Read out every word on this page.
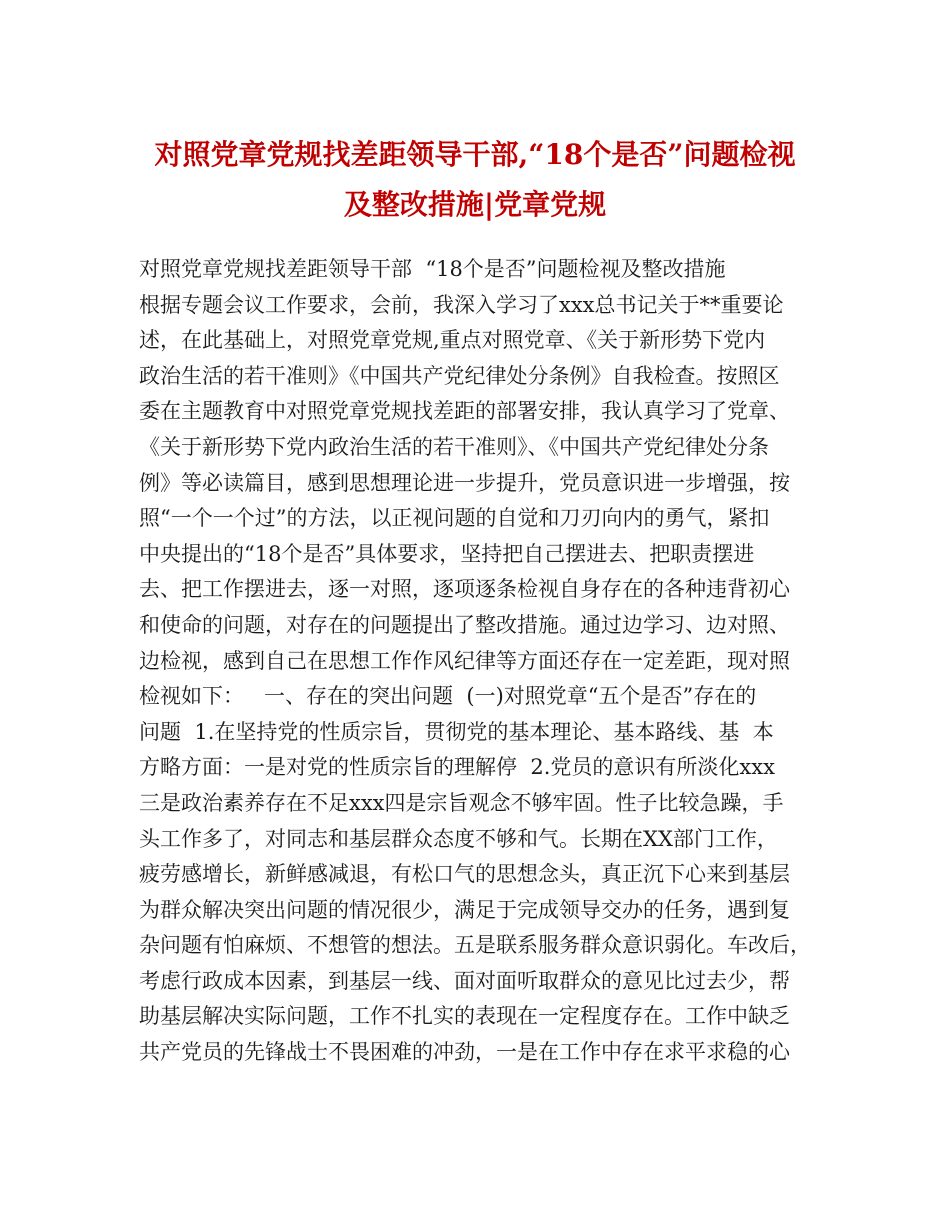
对照党章党规找差距领导干部,“18个是否”问题检视
及整改措施|党章党规
对照党章党规找差距领导干部  “18个是否”问题检视及整改措施
根据专题会议工作要求，会前，我深入学习了xxx总书记关于**重要论
述，在此基础上，对照党章党规,重点对照党章、《关于新形势下党内
政治生活的若干准则》《中国共产党纪律处分条例》自我检查。按照区
委在主题教育中对照党章党规找差距的部署安排，我认真学习了党章、
《关于新形势下党内政治生活的若干准则》、《中国共产党纪律处分条
例》等必读篇目，感到思想理论进一步提升，党员意识进一步增强，按
照“一个一个过”的方法，以正视问题的自觉和刀刃向内的勇气，紧扣
中央提出的“18个是否”具体要求，坚持把自己摆进去、把职责摆进
去、把工作摆进去，逐一对照，逐项逐条检视自身存在的各种违背初心
和使命的问题，对存在的问题提出了整改措施。通过边学习、边对照、
边检视，感到自己在思想工作作风纪律等方面还存在一定差距，现对照
检视如下：   一、存在的突出问题  (一)对照党章“五个是否”存在的
问题  1.在坚持党的性质宗旨，贯彻党的基本理论、基本路线、基  本
方略方面：一是对党的性质宗旨的理解停  2.党员的意识有所淡化xxx
三是政治素养存在不足xxx四是宗旨观念不够牢固。性子比较急躁，手
头工作多了，对同志和基层群众态度不够和气。长期在XX部门工作，
疲劳感增长，新鲜感减退，有松口气的思想念头，真正沉下心来到基层
为群众解决突出问题的情况很少，满足于完成领导交办的任务，遇到复
杂问题有怕麻烦、不想管的想法。五是联系服务群众意识弱化。车改后，
考虑行政成本因素，到基层一线、面对面听取群众的意见比过去少，帮
助基层解决实际问题，工作不扎实的表现在一定程度存在。工作中缺乏
共产党员的先锋战士不畏困难的冲劲，一是在工作中存在求平求稳的心
